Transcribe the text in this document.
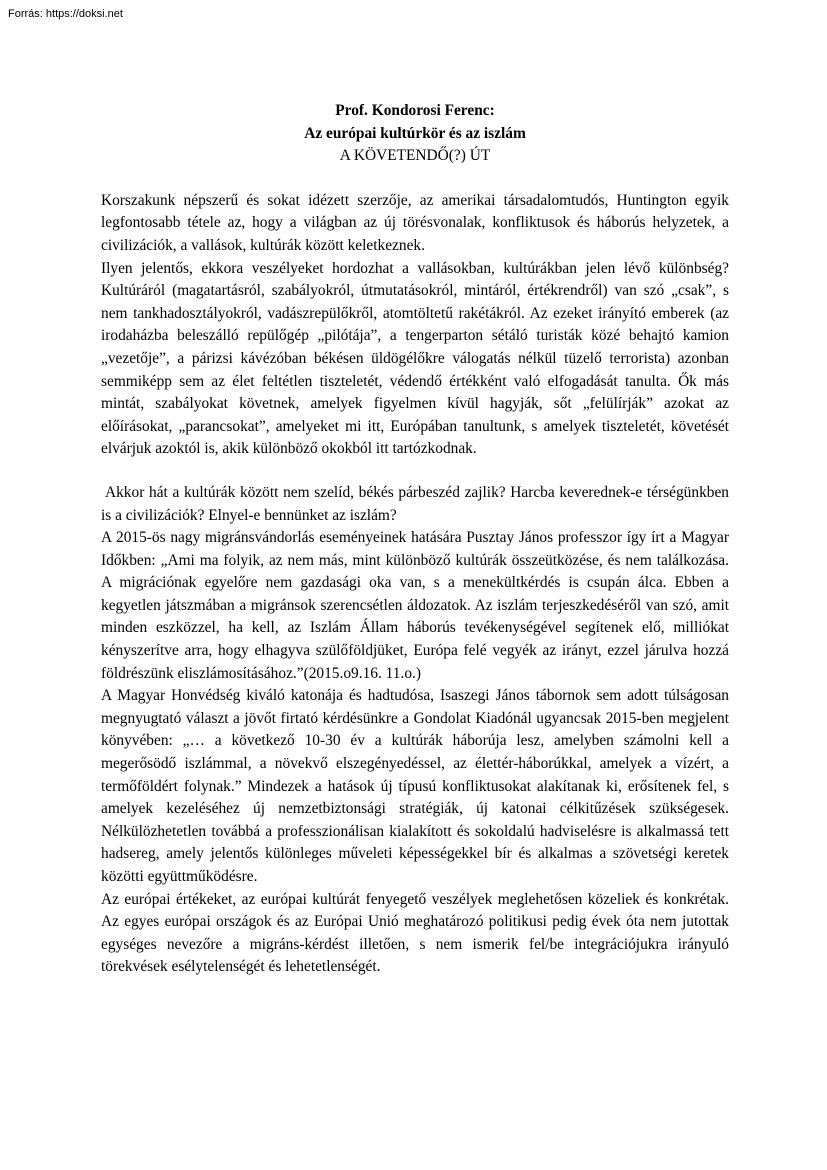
Forrás: https://doksi.net
Prof. Kondorosi Ferenc:
Az európai kultúrkör és az iszlám
A KÖVETENDŐ(?) ÚT

Korszakunk népszerű és sokat idézett szerzője, az amerikai társadalomtudós, Huntington egyik legfontosabb tétele az, hogy a világban az új törésvonalak, konfliktusok és háborús helyzetek, a civilizációk, a vallások, kultúrák között keletkeznek.

Ilyen jelentős, ekkora veszélyeket hordozhat a vallásokban, kultúrákban jelen lévő különbség? Kultúráról (magatartásról, szabályokról, útmutatásokról, mintáról, értékrendről) van szó „csak”, s nem tankhadosztályokról, vadászrepülőkről, atomtöltetű rakétákról. Az ezeket irányító emberek (az irodaházba beleszálló repülőgép „pilótája”, a tengerparton sétáló turisták közé behajtó kamion „vezetője”, a párizsi kávézóban békésen üldögélőkre válogatás nélkül tüzelő terrorista) azonban semmiképp sem az élet feltétlen tiszteletét, védendő értékként való elfogadását tanulta. Ők más mintát, szabályokat követnek, amelyek figyelmen kívül hagyják, sőt „felülírják” azokat az előírásokat, „parancsokat”, amelyeket mi itt, Európában tanultunk, s amelyek tiszteletét, követését elvárjuk azoktól is, akik különböző okokból itt tartózkodnak.

Akkor hát a kultúrák között nem szelíd, békés párbeszéd zajlik? Harcba keverednek-e térségünkben is a civilizációk? Elnyel-e bennünket az iszlám?

A 2015-ös nagy migránsvándorlás eseményeinek hatására Pusztay János professzor így írt a Magyar Időkben: „Ami ma folyik, az nem más, mint különböző kultúrák összeütközése, és nem találkozása. A migrációnak egyelőre nem gazdasági oka van, s a menekültkérdés is csupán álca. Ebben a kegyetlen játszmában a migránsok szerencsétlen áldozatok. Az iszlám terjeszkedéséről van szó, amit minden eszközzel, ha kell, az Iszlám Állam háborús tevékenységével segítenek elő, milliókat kényszerítve arra, hogy elhagyva szülőföldjüket, Európa felé vegyék az irányt, ezzel járulva hozzá földrészünk eliszlámosításához.”(2015.o9.16. 11.o.)

A Magyar Honvédség kiváló katonája és hadtudósa, Isaszegi János tábornok sem adott túlságosan megnyugtató választ a jövőt firtató kérdésünkre a Gondolat Kiadónál ugyancsak 2015-ben megjelent könyvében: „… a következő 10-30 év a kultúrák háborúja lesz, amelyben számolni kell a megerősödő iszlámmal, a növekvő elszegényedéssel, az élettér-háborúkkal, amelyek a vízért, a termőföldért folynak.” Mindezek a hatások új típusú konfliktusokat alakítanak ki, erősítenek fel, s amelyek kezeléséhez új nemzetbiztonsági stratégiák, új katonai célkitűzések szükségesek. Nélkülözhetetlen továbbá a professzionálisan kialakított és sokoldalú hadviselésre is alkalmassá tett hadsereg, amely jelentős különleges műveleti képességekkel bír és alkalmas a szövetségi keretek közötti együttműködésre.

Az európai értékeket, az európai kultúrát fenyegető veszélyek meglehetősen közeliek és konkrétak. Az egyes európai országok és az Európai Unió meghatározó politikusi pedig évek óta nem jutottak egységes nevezőre a migráns-kérdést illetően, s nem ismerik fel/be integrációjukra irányuló törekvések esélytelenségét és lehetetlenségét.
